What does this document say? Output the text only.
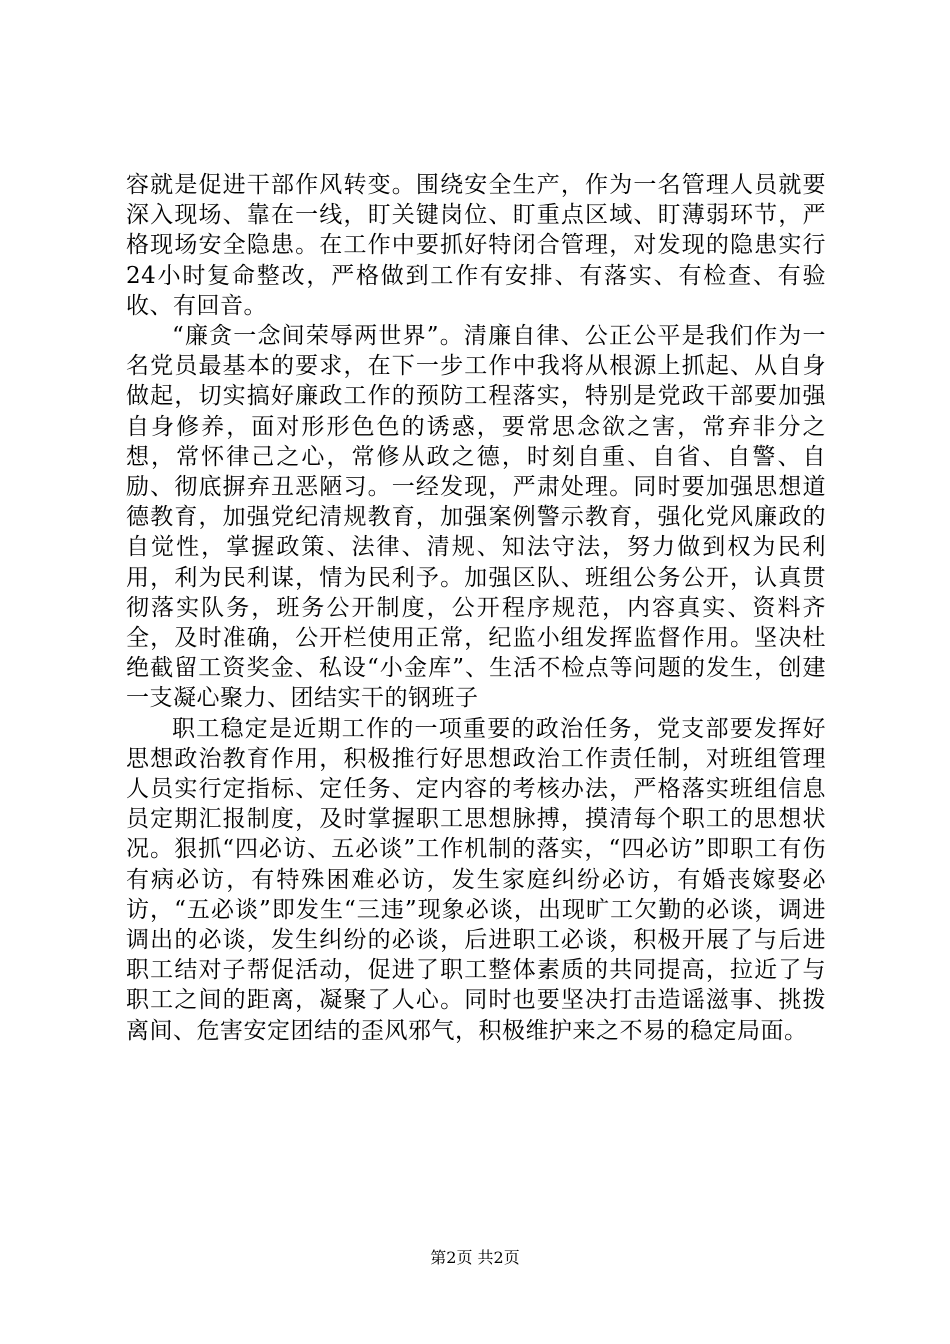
容就是促进干部作风转变。围绕安全生产，作为一名管理人员就要深入现场、靠在一线，盯关键岗位、盯重点区域、盯薄弱环节，严格现场安全隐患。在工作中要抓好特闭合管理，对发现的隐患实行24小时复命整改，严格做到工作有安排、有落实、有检查、有验收、有回音。

“廉贪一念间荣辱两世界”。清廉自律、公正公平是我们作为一名党员最基本的要求，在下一步工作中我将从根源上抓起、从自身做起，切实搞好廉政工作的预防工程落实，特别是党政干部要加强自身修养，面对形形色色的诱惑，要常思念欲之害，常弃非分之想，常怀律己之心，常修从政之德，时刻自重、自省、自警、自励、彻底摒弃丑恶陋习。一经发现，严肃处理。同时要加强思想道德教育，加强党纪清规教育，加强案例警示教育，强化党风廉政的自觉性，掌握政策、法律、清规、知法守法，努力做到权为民利用，利为民利谋，情为民利予。加强区队、班组公务公开，认真贯彻落实队务，班务公开制度，公开程序规范，内容真实、资料齐全，及时准确，公开栏使用正常，纪监小组发挥监督作用。坚决杜绝截留工资奖金、私设“小金库”、生活不检点等问题的发生，创建一支凝心聚力、团结实干的钢班子

职工稳定是近期工作的一项重要的政治任务，党支部要发挥好思想政治教育作用，积极推行好思想政治工作责任制，对班组管理人员实行定指标、定任务、定内容的考核办法，严格落实班组信息员定期汇报制度，及时掌握职工思想脉搏，摸清每个职工的思想状况。狠抓“四必访、五必谈”工作机制的落实，“四必访”即职工有伤有病必访，有特殊困难必访，发生家庭纠纷必访，有婚丧嫁娶必访，“五必谈”即发生“三违”现象必谈，出现旷工欠勤的必谈，调进调出的必谈，发生纠纷的必谈，后进职工必谈，积极开展了与后进职工结对子帮促活动，促进了职工整体素质的共同提高，拉近了与职工之间的距离，凝聚了人心。同时也要坚决打击造谣滋事、挑拨离间、危害安定团结的歪风邪气，积极维护来之不易的稳定局面。

第2页 共2页
